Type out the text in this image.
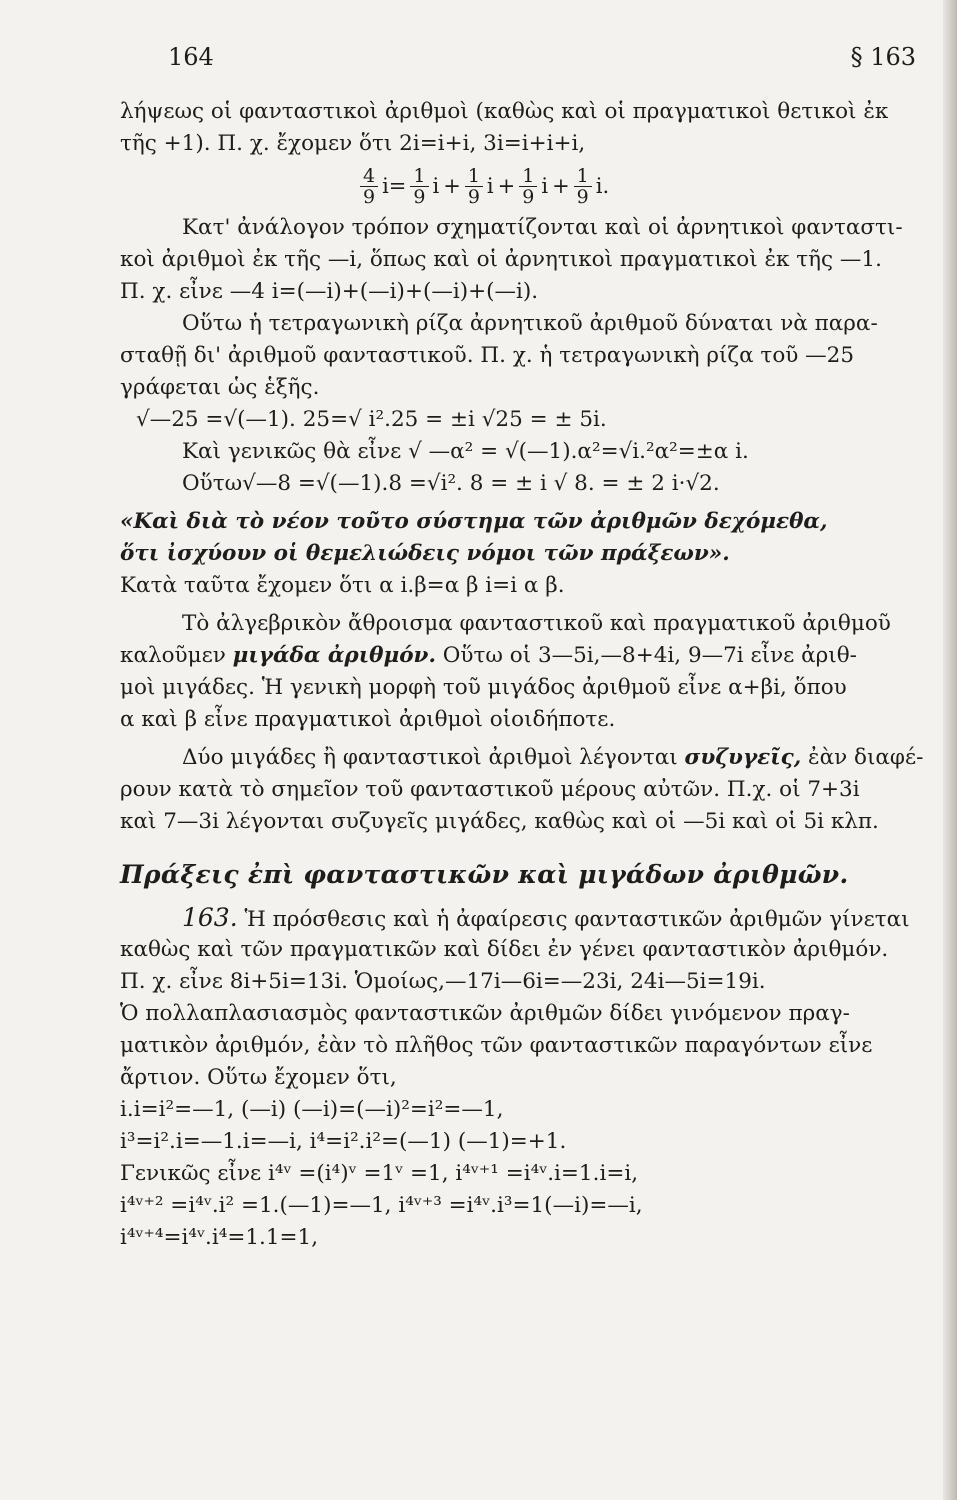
164	§ 163
λήψεως οἱ φανταστικοὶ ἀριθμοὶ (καθὼς καὶ οἱ πραγματικοὶ θετικοὶ ἐκ
τῆς +1). Π. χ. ἔχομεν ὅτι 2i=i+i, 3i=i+i+i,
$\frac{4}{9} i= \frac{1}{9}$ $i + \frac{1}{9}$ $i + \frac{1}{9}$ $i + \frac{1}{9} i$.
Κατ' ἀνάλογον τρόπον σχηματίζονται καὶ οἱ ἀρνητικοὶ φανταστι-
κοὶ ἀριθμοὶ ἐκ τῆς —i, ὅπως καὶ οἱ ἀρνητικοὶ πραγματικοὶ ἐκ τῆς —1.
Π. χ. εἶνε —4 i=(—i)+(—i)+(—i)+(—i).
Οὕτω ἡ τετραγωνικὴ ρίζα ἀρνητικοῦ ἀριθμοῦ δύναται νὰ παρα-
σταθῇ δι' ἀριθμοῦ φανταστικοῦ. Π. χ. ἡ τετραγωνικὴ ρίζα τοῦ —25
γράφεται ὡς ἑξῆς.
√—25 =√(—1). 25=√ i².25 = ±i √25 = ± 5i.
Καὶ γενικῶς θὰ εἶνε √ —α² = √(—1).α²=√i.²α²=±α i.
Οὕτω√—8 =√(—1).8 =√i². 8 = ± i √ 8. = ± 2 i·√2.
«Καὶ διὰ τὸ νέον τοῦτο σύστημα τῶν ἀριθμῶν δεχόμεθα,
ὅτι ἰσχύουν οἱ θεμελιώδεις νόμοι τῶν πράξεων».
Κατὰ ταῦτα ἔχομεν ὅτι α i.β=α β i=i α β.
Τὸ ἀλγεβρικὸν ἄθροισμα φανταστικοῦ καὶ πραγματικοῦ ἀριθμοῦ
καλοῦμεν μιγάδα ἀριθμόν. Οὕτω οἱ 3—5i,—8+4i, 9—7i εἶνε ἀριθ-
μοὶ μιγάδες. Ἡ γενικὴ μορφὴ τοῦ μιγάδος ἀριθμοῦ εἶνε α+βi, ὅπου
α καὶ β εἶνε πραγματικοὶ ἀριθμοὶ οἱοιδήποτε.
Δύο μιγάδες ἢ φανταστικοὶ ἀριθμοὶ λέγονται συζυγεῖς, ἐὰν διαφέ-
ρουν κατὰ τὸ σημεῖον τοῦ φανταστικοῦ μέρους αὐτῶν. Π.χ. οἱ 7+3i
καὶ 7—3i λέγονται συζυγεῖς μιγάδες, καθὼς καὶ οἱ —5i καὶ οἱ 5i κλπ.
Πράξεις ἐπὶ φανταστικῶν καὶ μιγάδων ἀριθμῶν.
163. Ἡ πρόσθεσις καὶ ἡ ἀφαίρεσις φανταστικῶν ἀριθμῶν γίνεται
καθὼς καὶ τῶν πραγματικῶν καὶ δίδει ἐν γένει φανταστικὸν ἀριθμόν.
Π. χ. εἶνε 8i+5i=13i. Ὁμοίως,—17i—6i=—23i, 24i—5i=19i.
Ὁ πολλαπλασιασμὸς φανταστικῶν ἀριθμῶν δίδει γινόμενον πραγ-
ματικὸν ἀριθμόν, ἐὰν τὸ πλῆθος τῶν φανταστικῶν παραγόντων εἶνε
ἄρτιον. Οὕτω ἔχομεν ὅτι,
i.i=i²=—1, (—i) (—i)=(—i)²=i²=—1,
i³=i².i=—1.i=—i, i⁴=i².i²=(—1) (—1)=+1.
Γενικῶς εἶνε i⁴ᵛ =(i⁴)ᵛ =1ᵛ =1, i⁴ᵛ⁺¹ =i⁴ᵛ.i=1.i=i,
i⁴ᵛ⁺² =i⁴ᵛ.i² =1.(—1)=—1, i⁴ᵛ⁺³ =i⁴ᵛ.i³=1(—i)=—i,
i⁴ᵛ⁺⁴=i⁴ᵛ.i⁴=1.1=1,
